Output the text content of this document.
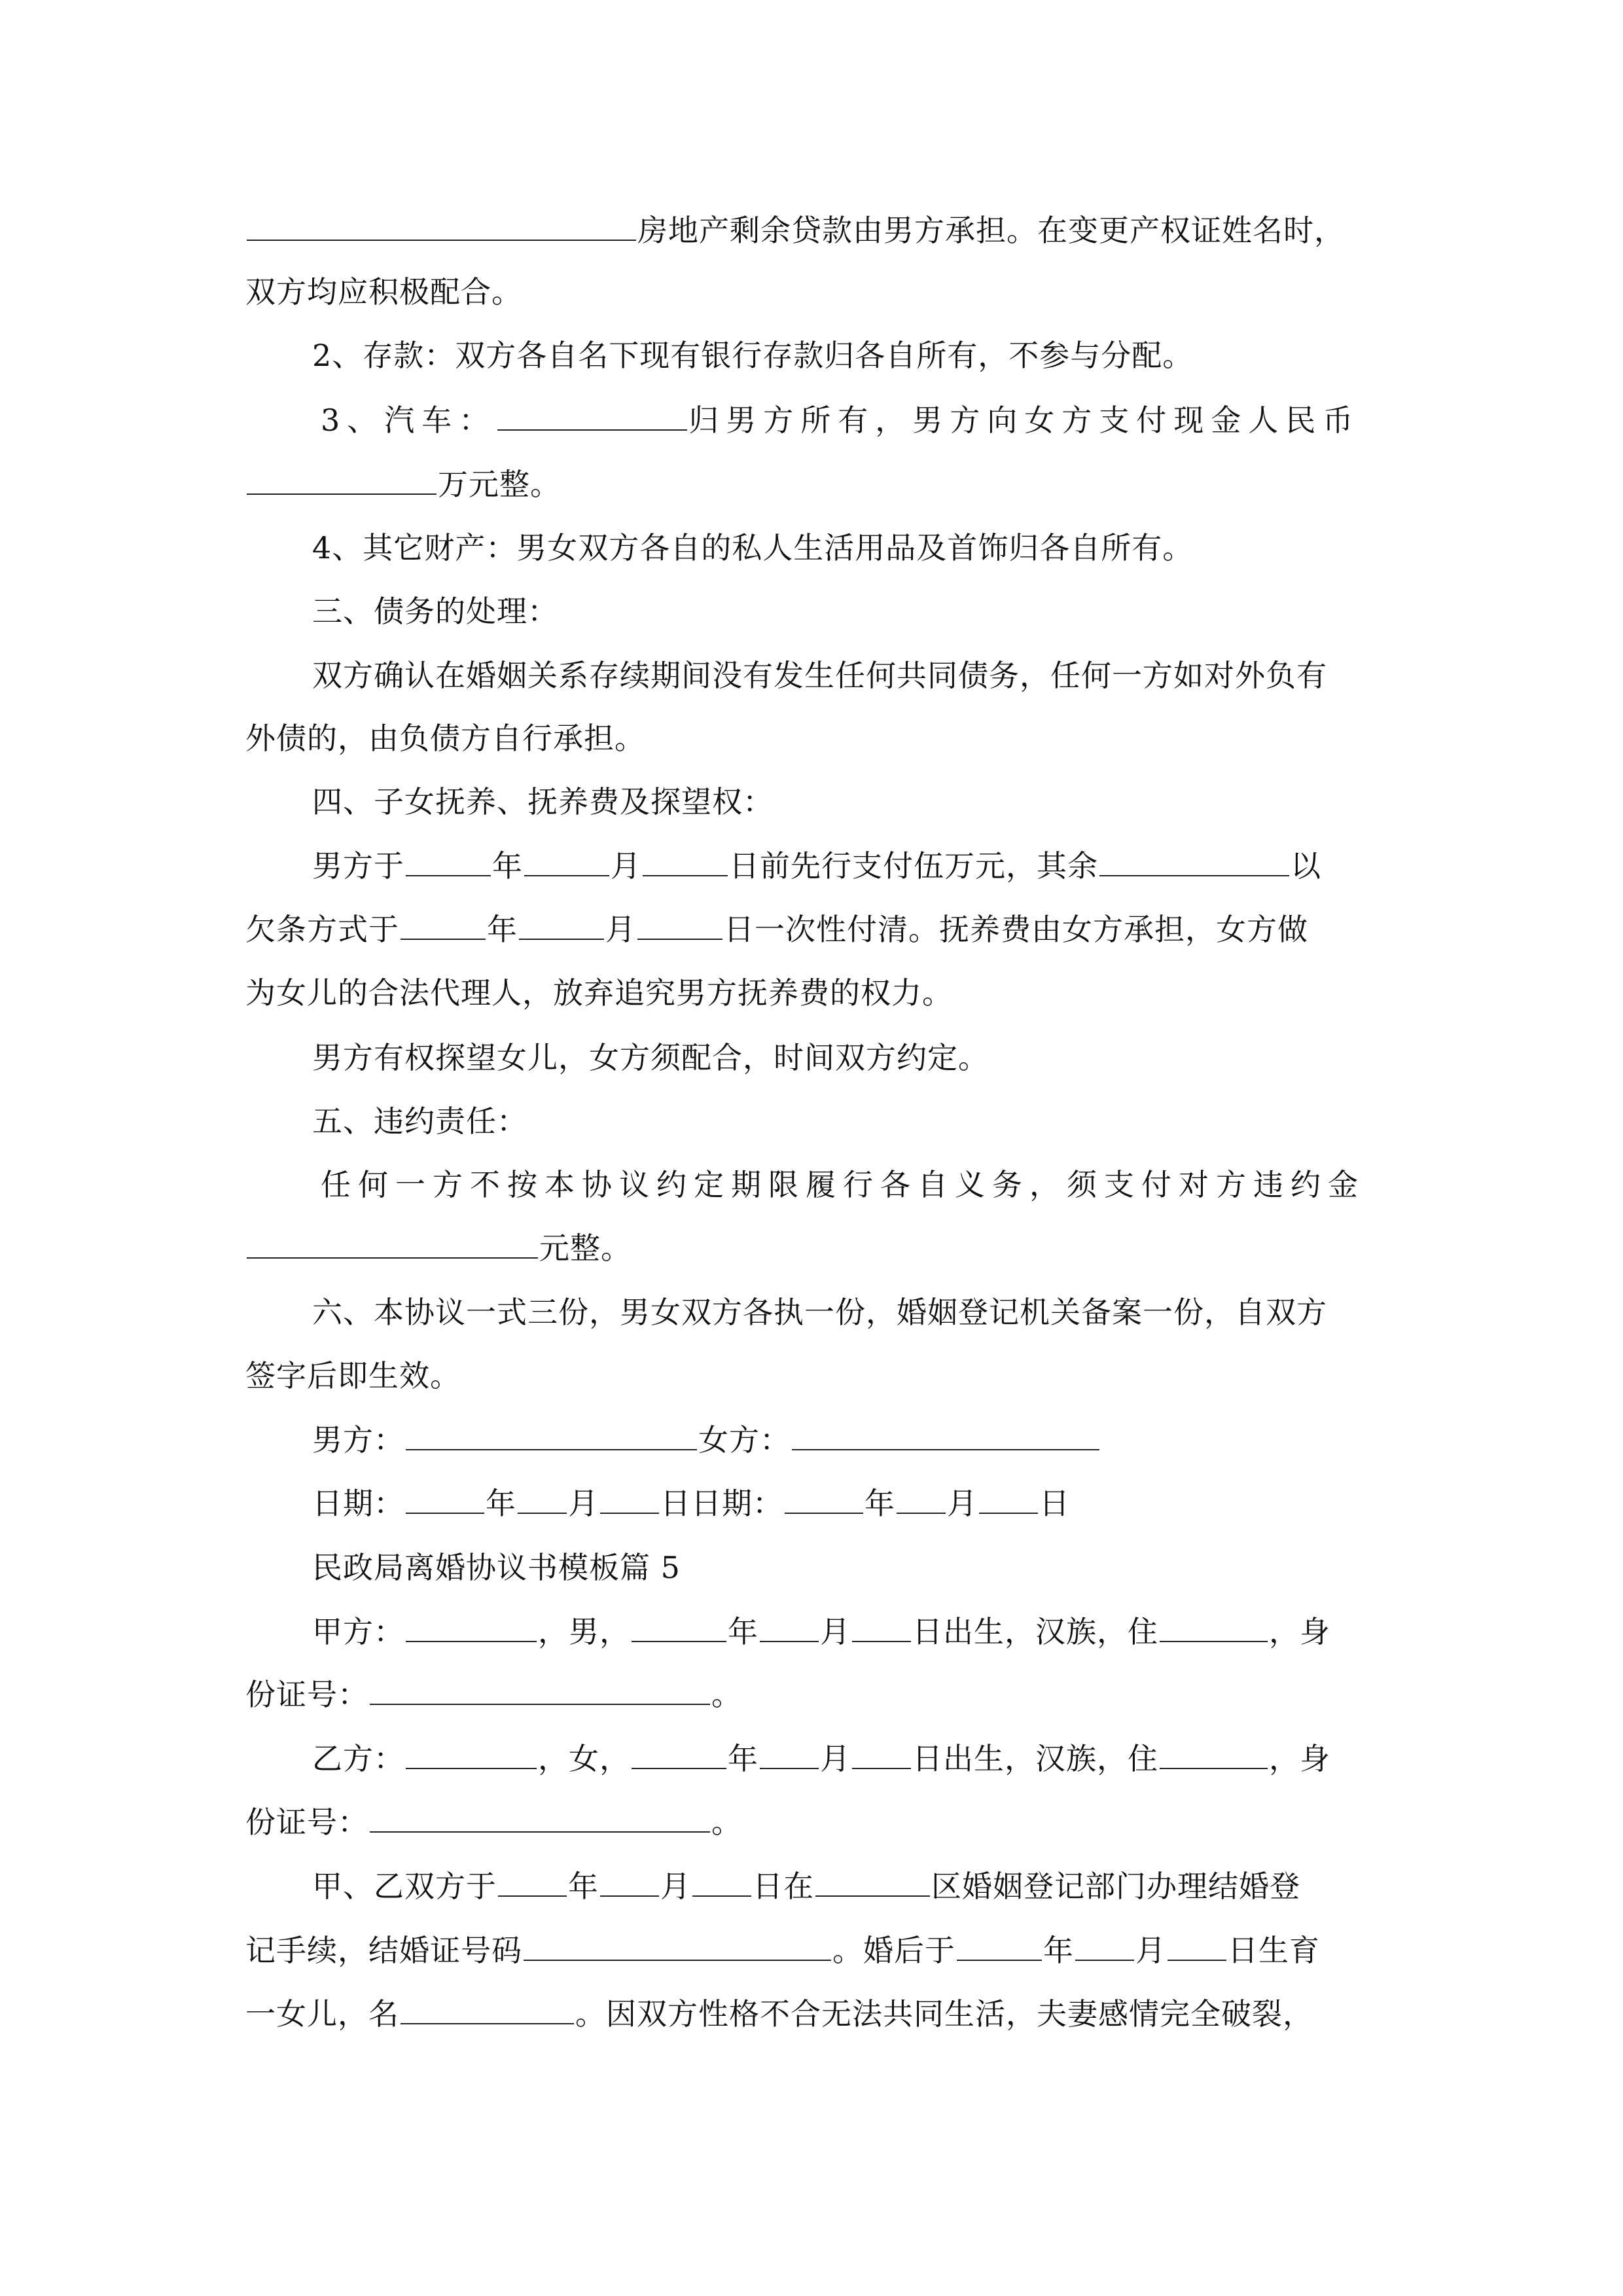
房地产剩余贷款由男方承担。在变更产权证姓名时，
双方均应积极配合。
2、存款：双方各自名下现有银行存款归各自所有，不参与分配。
3、汽车：	归男方所有，男方向女方支付现金人民币
万元整。
4、其它财产：男女双方各自的私人生活用品及首饰归各自所有。
三、债务的处理：
双方确认在婚姻关系存续期间没有发生任何共同债务，任何一方如对外负有
外债的，由负债方自行承担。
四、子女抚养、抚养费及探望权：
男方于	年	月	日前先行支付伍万元，其余	以
欠条方式于	年	月	日一次性付清。抚养费由女方承担，女方做
为女儿的合法代理人，放弃追究男方抚养费的权力。
男方有权探望女儿，女方须配合，时间双方约定。
五、违约责任：
任何一方不按本协议约定期限履行各自义务，须支付对方违约金
元整。
六、本协议一式三份，男女双方各执一份，婚姻登记机关备案一份，自双方
签字后即生效。
男方：	女方：
日期：	年 月 日日期：	年 月 日
民政局离婚协议书模板篇 5
甲方：	，男，	年 月 日出生，汉族，住	，身
份证号：	。
乙方：	，女，	年 月 日出生，汉族，住	，身
份证号：	。
甲、乙双方于 年 月 日在	区婚姻登记部门办理结婚登
记手续，结婚证号码	。婚后于	年 月 日生育
一女儿，名	。因双方性格不合无法共同生活，夫妻感情完全破裂，
